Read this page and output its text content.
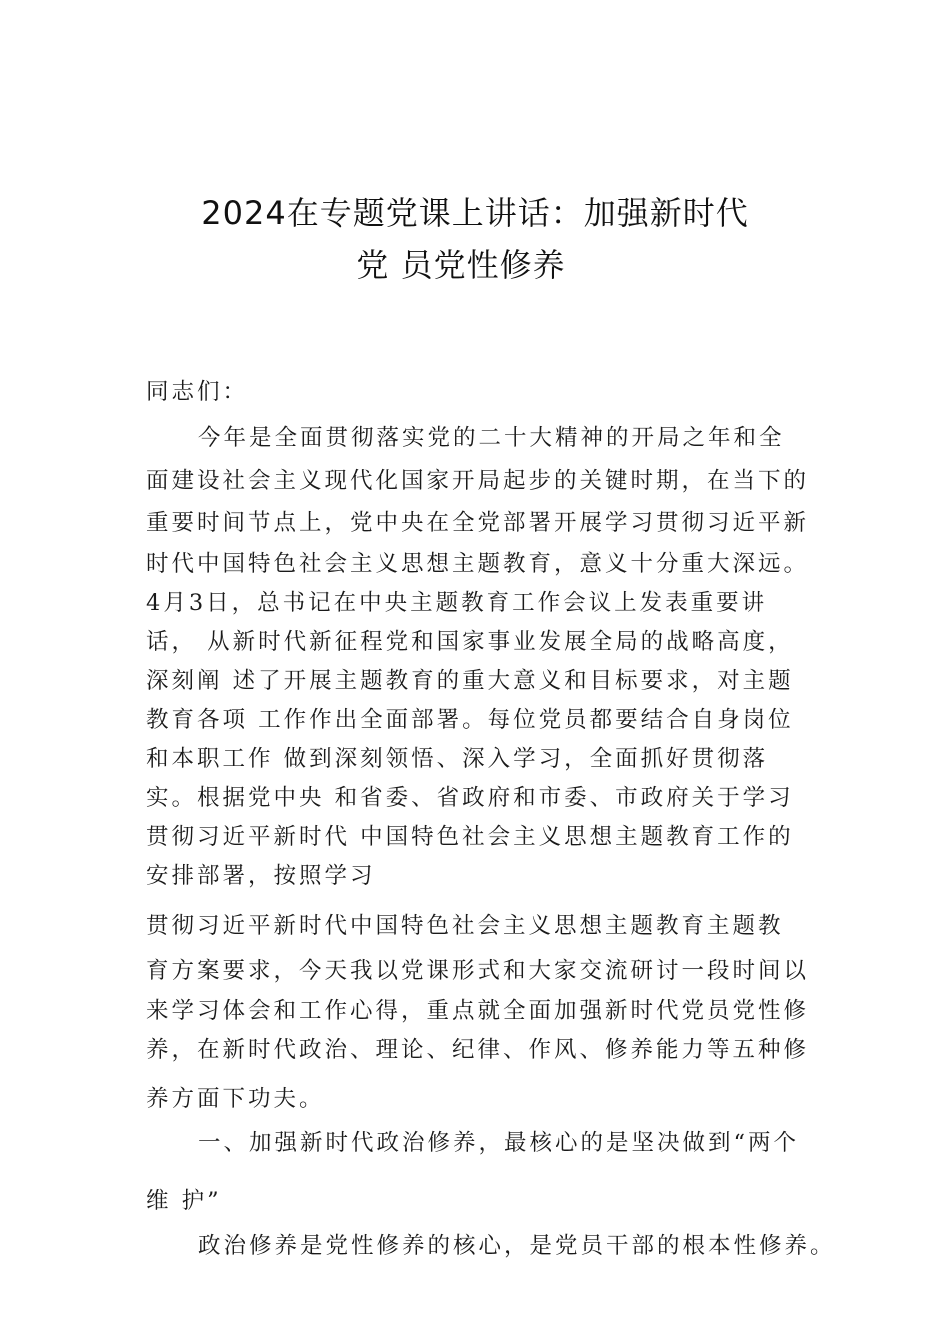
2024在专题党课上讲话：加强新时代
党 员党性修养
同志们：
今年是全面贯彻落实党的二十大精神的开局之年和全
面建设社会主义现代化国家开局起步的关键时期，在当下的
重要时间节点上，党中央在全党部署开展学习贯彻习近平新
时代中国特色社会主义思想主题教育，意义十分重大深远。
4月3日，总书记在中央主题教育工作会议上发表重要讲
话， 从新时代新征程党和国家事业发展全局的战略高度，
深刻阐 述了开展主题教育的重大意义和目标要求，对主题
教育各项 工作作出全面部署。每位党员都要结合自身岗位
和本职工作 做到深刻领悟、深入学习，全面抓好贯彻落
实。根据党中央 和省委、省政府和市委、市政府关于学习
贯彻习近平新时代 中国特色社会主义思想主题教育工作的
安排部署，按照学习
贯彻习近平新时代中国特色社会主义思想主题教育主题教
育方案要求，今天我以党课形式和大家交流研讨一段时间以
来学习体会和工作心得，重点就全面加强新时代党员党性修
养，在新时代政治、理论、纪律、作风、修养能力等五种修
养方面下功夫。
一、加强新时代政治修养，最核心的是坚决做到“两个
维 护”
政治修养是党性修养的核心，是党员干部的根本性修养。
